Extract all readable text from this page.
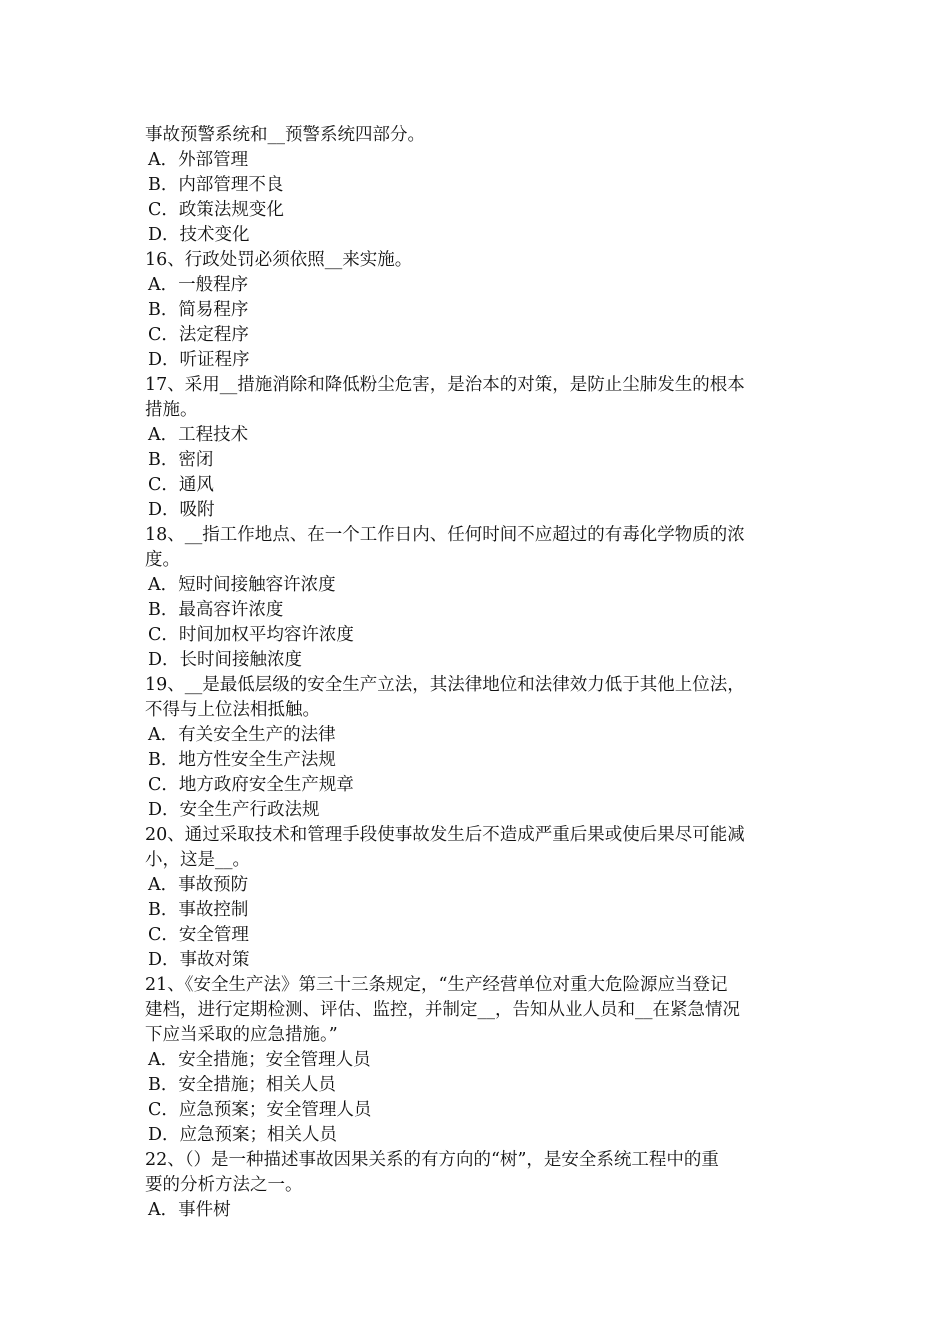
事故预警系统和__预警系统四部分。
A．外部管理
B．内部管理不良
C．政策法规变化
D．技术变化
16、行政处罚必须依照__来实施。
A．一般程序
B．简易程序
C．法定程序
D．听证程序
17、采用__措施消除和降低粉尘危害，是治本的对策，是防止尘肺发生的根本
措施。
A．工程技术
B．密闭
C．通风
D．吸附
18、__指工作地点、在一个工作日内、任何时间不应超过的有毒化学物质的浓
度。
A．短时间接触容许浓度
B．最高容许浓度
C．时间加权平均容许浓度
D．长时间接触浓度
19、__是最低层级的安全生产立法，其法律地位和法律效力低于其他上位法，
不得与上位法相抵触。
A．有关安全生产的法律
B．地方性安全生产法规
C．地方政府安全生产规章
D．安全生产行政法规
20、通过采取技术和管理手段使事故发生后不造成严重后果或使后果尽可能减
小，这是__。
A．事故预防
B．事故控制
C．安全管理
D．事故对策
21、《安全生产法》第三十三条规定，“生产经营单位对重大危险源应当登记
建档，进行定期检测、评估、监控，并制定__，告知从业人员和__在紧急情况
下应当采取的应急措施。”
A．安全措施；安全管理人员
B．安全措施；相关人员
C．应急预案；安全管理人员
D．应急预案；相关人员
22、（）是一种描述事故因果关系的有方向的“树”，是安全系统工程中的重
要的分析方法之一。
A．事件树
